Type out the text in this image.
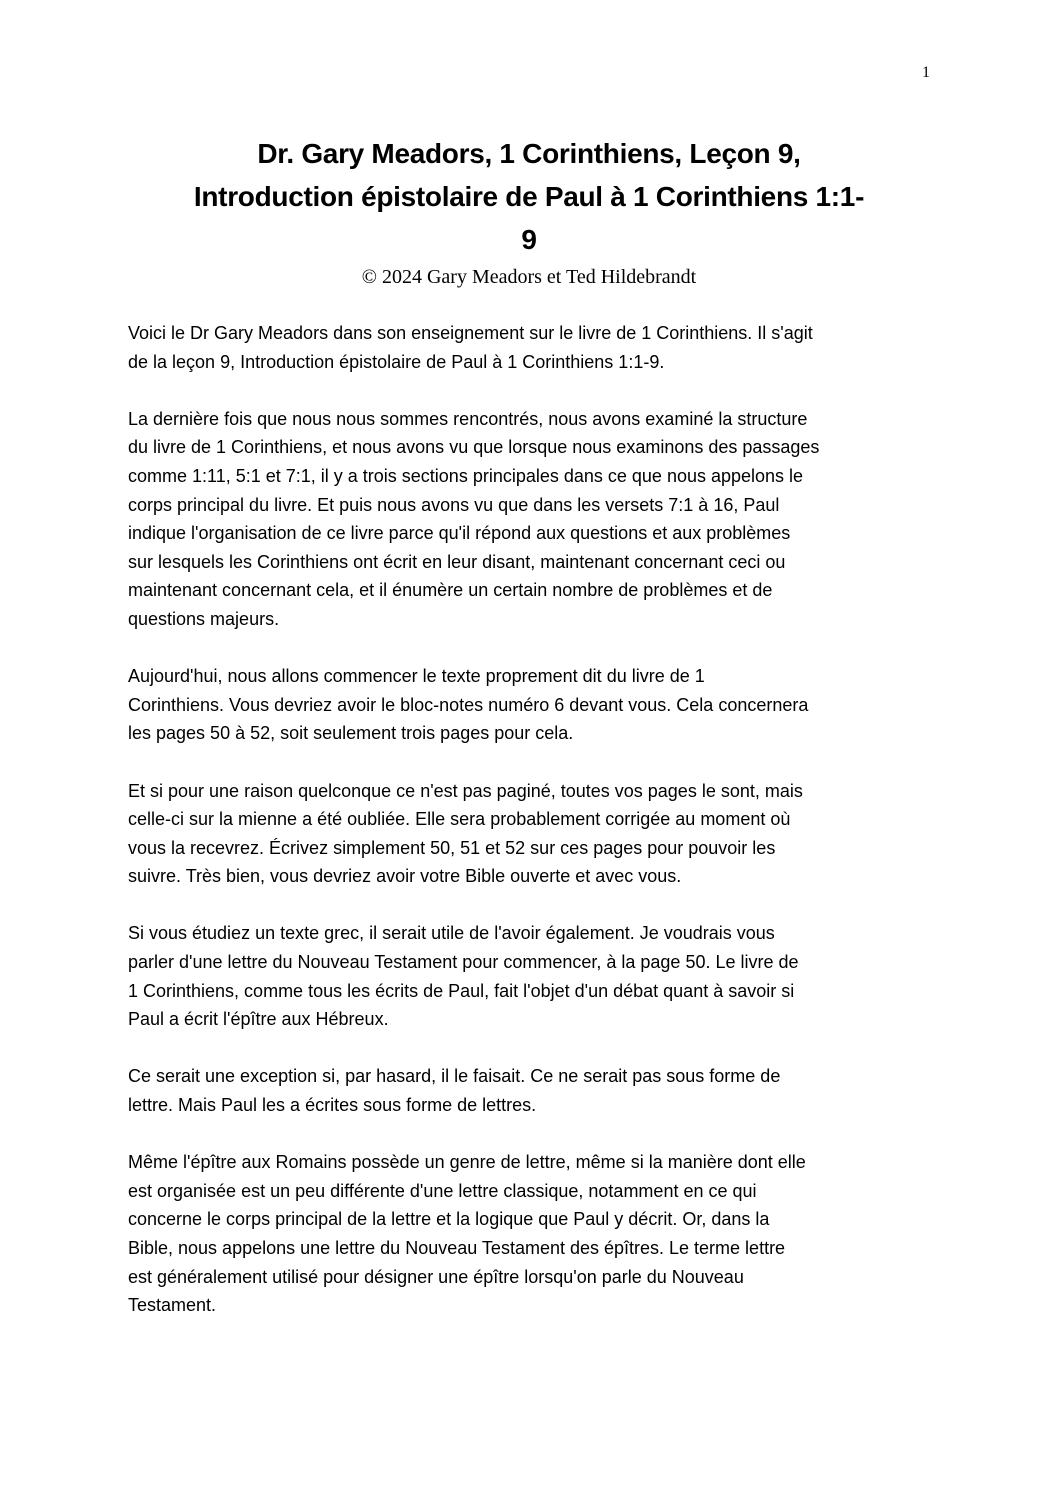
1
Dr. Gary Meadors, 1 Corinthiens, Leçon 9,
Introduction épistolaire de Paul à 1 Corinthiens 1:1-
9
© 2024 Gary Meadors et Ted Hildebrandt

Voici le Dr Gary Meadors dans son enseignement sur le livre de 1 Corinthiens. Il s'agit
de la leçon 9, Introduction épistolaire de Paul à 1 Corinthiens 1:1-9.

La dernière fois que nous nous sommes rencontrés, nous avons examiné la structure
du livre de 1 Corinthiens, et nous avons vu que lorsque nous examinons des passages
comme 1:11, 5:1 et 7:1, il y a trois sections principales dans ce que nous appelons le
corps principal du livre. Et puis nous avons vu que dans les versets 7:1 à 16, Paul
indique l'organisation de ce livre parce qu'il répond aux questions et aux problèmes
sur lesquels les Corinthiens ont écrit en leur disant, maintenant concernant ceci ou
maintenant concernant cela, et il énumère un certain nombre de problèmes et de
questions majeurs.

Aujourd'hui, nous allons commencer le texte proprement dit du livre de 1
Corinthiens. Vous devriez avoir le bloc-notes numéro 6 devant vous. Cela concernera
les pages 50 à 52, soit seulement trois pages pour cela.

Et si pour une raison quelconque ce n'est pas paginé, toutes vos pages le sont, mais
celle-ci sur la mienne a été oubliée. Elle sera probablement corrigée au moment où
vous la recevrez. Écrivez simplement 50, 51 et 52 sur ces pages pour pouvoir les
suivre. Très bien, vous devriez avoir votre Bible ouverte et avec vous.

Si vous étudiez un texte grec, il serait utile de l'avoir également. Je voudrais vous
parler d'une lettre du Nouveau Testament pour commencer, à la page 50. Le livre de
1 Corinthiens, comme tous les écrits de Paul, fait l'objet d'un débat quant à savoir si
Paul a écrit l'épître aux Hébreux.

Ce serait une exception si, par hasard, il le faisait. Ce ne serait pas sous forme de
lettre. Mais Paul les a écrites sous forme de lettres.

Même l'épître aux Romains possède un genre de lettre, même si la manière dont elle
est organisée est un peu différente d'une lettre classique, notamment en ce qui
concerne le corps principal de la lettre et la logique que Paul y décrit. Or, dans la
Bible, nous appelons une lettre du Nouveau Testament des épîtres. Le terme lettre
est généralement utilisé pour désigner une épître lorsqu'on parle du Nouveau
Testament.
